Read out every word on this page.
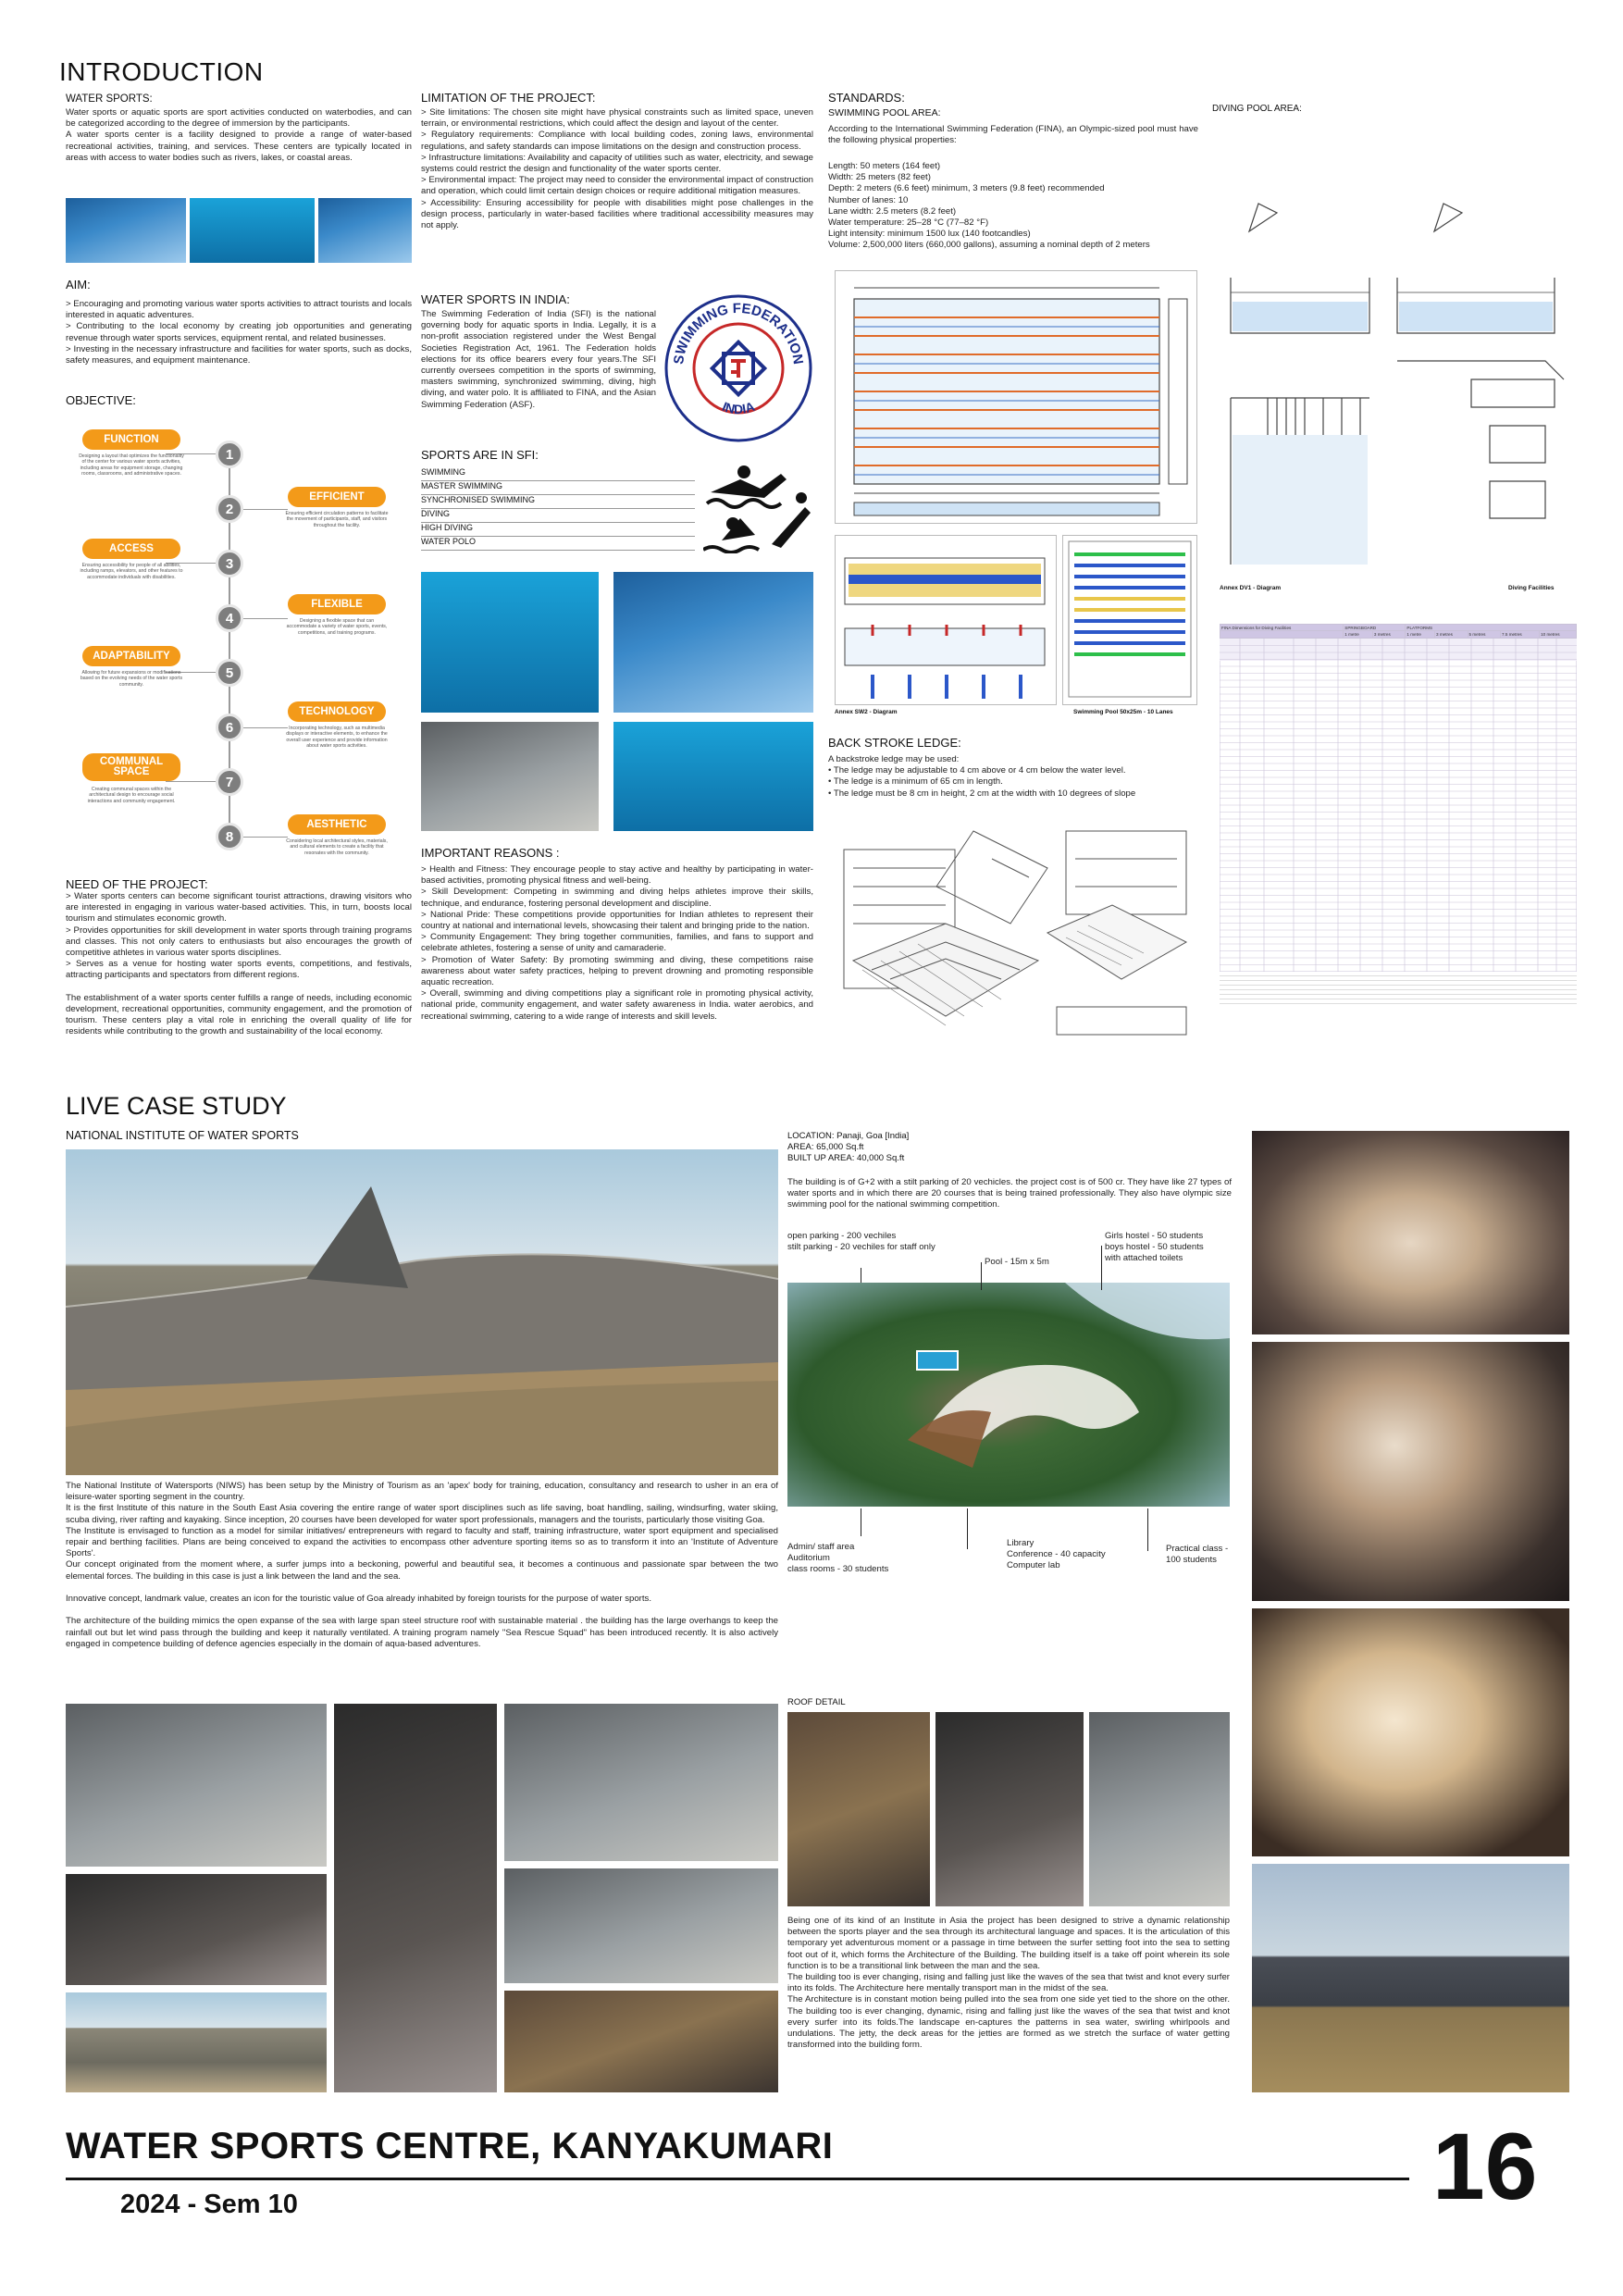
INTRODUCTION
WATER SPORTS:
Water sports or aquatic sports are sport activities conducted on waterbodies, and can be categorized according to the degree of immersion by the participants.
A water sports center is a facility designed to provide a range of water-based recreational activities, training, and services. These centers are typically located in areas with access to water bodies such as rivers, lakes, or coastal areas.
AIM:
> Encouraging and promoting various water sports activities to attract tourists and locals interested in aquatic adventures.
> Contributing to the local economy by creating job opportunities and generating revenue through water sports services, equipment rental, and related businesses.
> Investing in the necessary infrastructure and facilities for water sports, such as docks, safety measures, and equipment maintenance.
OBJECTIVE:
1
FUNCTION
Designing a layout that optimizes the functionality of the center for various water sports activities, including areas for equipment storage, changing rooms, classrooms, and administrative spaces.
2
EFFICIENT
Ensuring efficient circulation patterns to facilitate the movement of participants, staff, and visitors throughout the facility.
3
ACCESS
Ensuring accessibility for people of all abilities, including ramps, elevators, and other features to accommodate individuals with disabilities.
4
FLEXIBLE
Designing a flexible space that can accommodate a variety of water sports, events, competitions, and training programs.
5
ADAPTABILITY
Allowing for future expansions or modifications based on the evolving needs of the water sports community.
6
TECHNOLOGY
Incorporating technology, such as multimedia displays or interactive elements, to enhance the overall user experience and provide information about water sports activities.
7
COMMUNAL SPACE
Creating communal spaces within the architectural design to encourage social interactions and community engagement.
8
AESTHETIC
Considering local architectural styles, materials, and cultural elements to create a facility that resonates with the community.
NEED OF THE PROJECT:
> Water sports centers can become significant tourist attractions, drawing visitors who are interested in engaging in various water-based activities. This, in turn, boosts local tourism and stimulates economic growth.
> Provides opportunities for skill development in water sports through training programs and classes. This not only caters to enthusiasts but also encourages the growth of competitive athletes in various water sports disciplines.
> Serves as a venue for hosting water sports events, competitions, and festivals, attracting participants and spectators from different regions.

The establishment of a water sports center fulfills a range of needs, including economic development, recreational opportunities, community engagement, and the promotion of tourism. These centers play a vital role in enriching the overall quality of life for residents while contributing to the growth and sustainability of the local economy.
LIMITATION OF THE PROJECT:
> Site limitations: The chosen site might have physical constraints such as limited space, uneven terrain, or environmental restrictions, which could affect the design and layout of the center.
> Regulatory requirements: Compliance with local building codes, zoning laws, environmental regulations, and safety standards can impose limitations on the design and construction process.
> Infrastructure limitations: Availability and capacity of utilities such as water, electricity, and sewage systems could restrict the design and functionality of the water sports center.
> Environmental impact: The project may need to consider the environmental impact of construction and operation, which could limit certain design choices or require additional mitigation measures.
> Accessibility: Ensuring accessibility for people with disabilities might pose challenges in the design process, particularly in water-based facilities where traditional accessibility measures may not apply.
WATER SPORTS IN INDIA:
The Swimming Federation of India (SFI) is the national governing body for aquatic sports in India. Legally, it is a non-profit association registered under the West Bengal Societies Registration Act, 1961. The Federation holds elections for its office bearers every four years.The SFI currently oversees competition in the sports of swimming, masters swimming, synchronized swimming, diving, high diving, and water polo. It is affiliated to FINA, and the Asian Swimming Federation (ASF).
SWIMMING FEDERATION
INDIA
SPORTS ARE IN SFI:
SWIMMING
MASTER SWIMMING
SYNCHRONISED SWIMMING
DIVING
HIGH DIVING
WATER POLO
IMPORTANT REASONS :
> Health and Fitness: They encourage people to stay active and healthy by participating in water-based activities, promoting physical fitness and well-being.
> Skill Development: Competing in swimming and diving helps athletes improve their skills, technique, and endurance, fostering personal development and discipline.
> National Pride: These competitions provide opportunities for Indian athletes to represent their country at national and international levels, showcasing their talent and bringing pride to the nation.
> Community Engagement: They bring together communities, families, and fans to support and celebrate athletes, fostering a sense of unity and camaraderie.
> Promotion of Water Safety: By promoting swimming and diving, these competitions raise awareness about water safety practices, helping to prevent drowning and promoting responsible aquatic recreation.
> Overall, swimming and diving competitions play a significant role in promoting physical activity, national pride, community engagement, and water safety awareness in India. water aerobics, and recreational swimming, catering to a wide range of interests and skill levels.
STANDARDS:
SWIMMING POOL AREA:
According to the International Swimming Federation (FINA), an Olympic-sized pool must have the following physical properties:
Length: 50 meters (164 feet)
Width: 25 meters (82 feet)
Depth: 2 meters (6.6 feet) minimum, 3 meters (9.8 feet) recommended
Number of lanes: 10
Lane width: 2.5 meters (8.2 feet)
Water temperature: 25–28 °C (77–82 °F)
Light intensity: minimum 1500 lux (140 footcandles)
Volume: 2,500,000 liters (660,000 gallons), assuming a nominal depth of 2 meters
Annex SW2 - Diagram	Swimming Pool 50x25m - 10 Lanes
BACK STROKE LEDGE:
A backstroke ledge may be used:
• The ledge may be adjustable to 4 cm above or 4 cm below the water level.
• The ledge is a minimum of 65 cm in length.
• The ledge must be 8 cm in height, 2 cm at the width with 10 degrees of slope
DIVING POOL AREA:
Annex DV1 - Diagram	Diving Facilities
FINA Dimensions for Diving Facilities	SPRINGBOARD		PLATFORMS				
	1 metre	3 metres	1 metre	3 metres	5 metres	7.5 metres	10 metres
LIVE CASE STUDY
NATIONAL INSTITUTE OF WATER SPORTS
The National Institute of Watersports (NIWS) has been setup by the Ministry of Tourism as an 'apex' body for training, education, consultancy and research to usher in an era of leisure-water sporting segment in the country.
It is the first Institute of this nature in the South East Asia covering the entire range of water sport disciplines such as life saving, boat handling, sailing, windsurfing, water skiing, scuba diving, river rafting and kayaking. Since inception, 20 courses have been developed for water sport professionals, managers and the tourists, particularly those visiting Goa.
The Institute is envisaged to function as a model for similar initiatives/ entrepreneurs with regard to faculty and staff, training infrastructure, water sport equipment and specialised repair and berthing facilities. Plans are being conceived to expand the activities to encompass other adventure sporting items so as to transform it into an 'Institute of Adventure Sports'.
Our concept originated from the moment where, a surfer jumps into a beckoning, powerful and beautiful sea, it becomes a continuous and passionate spar between the two elemental forces. The building in this case is just a link between the land and the sea.

Innovative concept, landmark value, creates an icon for the touristic value of Goa already inhabited by foreign tourists for the purpose of water sports.

The architecture of the building mimics the open expanse of the sea with large span steel structure roof with sustainable material . the building has the large overhangs to keep the rainfall out but let wind pass through the building and keep it naturally ventilated. A training program namely "Sea Rescue Squad" has been introduced recently. It is also actively engaged in competence building of defence agencies especially in the domain of aqua-based adventures.
LOCATION: Panaji, Goa [India]
AREA: 65,000 Sq.ft
BUILT UP AREA: 40,000 Sq.ft
The building is of G+2 with a stilt parking of 20 vechicles. the project cost is of 500 cr. They have like 27 types of water sports and in which there are 20 courses that is being trained professionally. They also have olympic size swimming pool for the national swimming competition.
open parking - 200 vechiles
stilt parking - 20 vechiles for staff only
Pool - 15m x 5m
Girls hostel - 50 students
boys hostel - 50 students
with attached toilets
Admin/ staff area
Auditorium
class rooms - 30 students
Library
Conference - 40 capacity
Computer lab
Practical class -
100 students
ROOF DETAIL
Being one of its kind of an Institute in Asia the project has been designed to strive a dynamic relationship between the sports player and the sea through its architectural language and spaces. It is the articulation of this temporary yet adventurous moment or a passage in time between the surfer setting foot into the sea to setting foot out of it, which forms the Architecture of the Building. The building itself is a take off point wherein its sole function is to be a transitional link between the man and the sea.
The building too is ever changing, rising and falling just like the waves of the sea that twist and knot every surfer into its folds. The Architecture here mentally transport man in the midst of the sea.
The Architecture is in constant motion being pulled into the sea from one side yet tied to the shore on the other. The building too is ever changing, dynamic, rising and falling just like the waves of the sea that twist and knot every surfer into its folds.The landscape en-captures the patterns in sea water, swirling whirlpools and undulations. The jetty, the deck areas for the jetties are formed as we stretch the surface of water getting transformed into the building form.
WATER SPORTS CENTRE, KANYAKUMARI
2024 - Sem 10	16
